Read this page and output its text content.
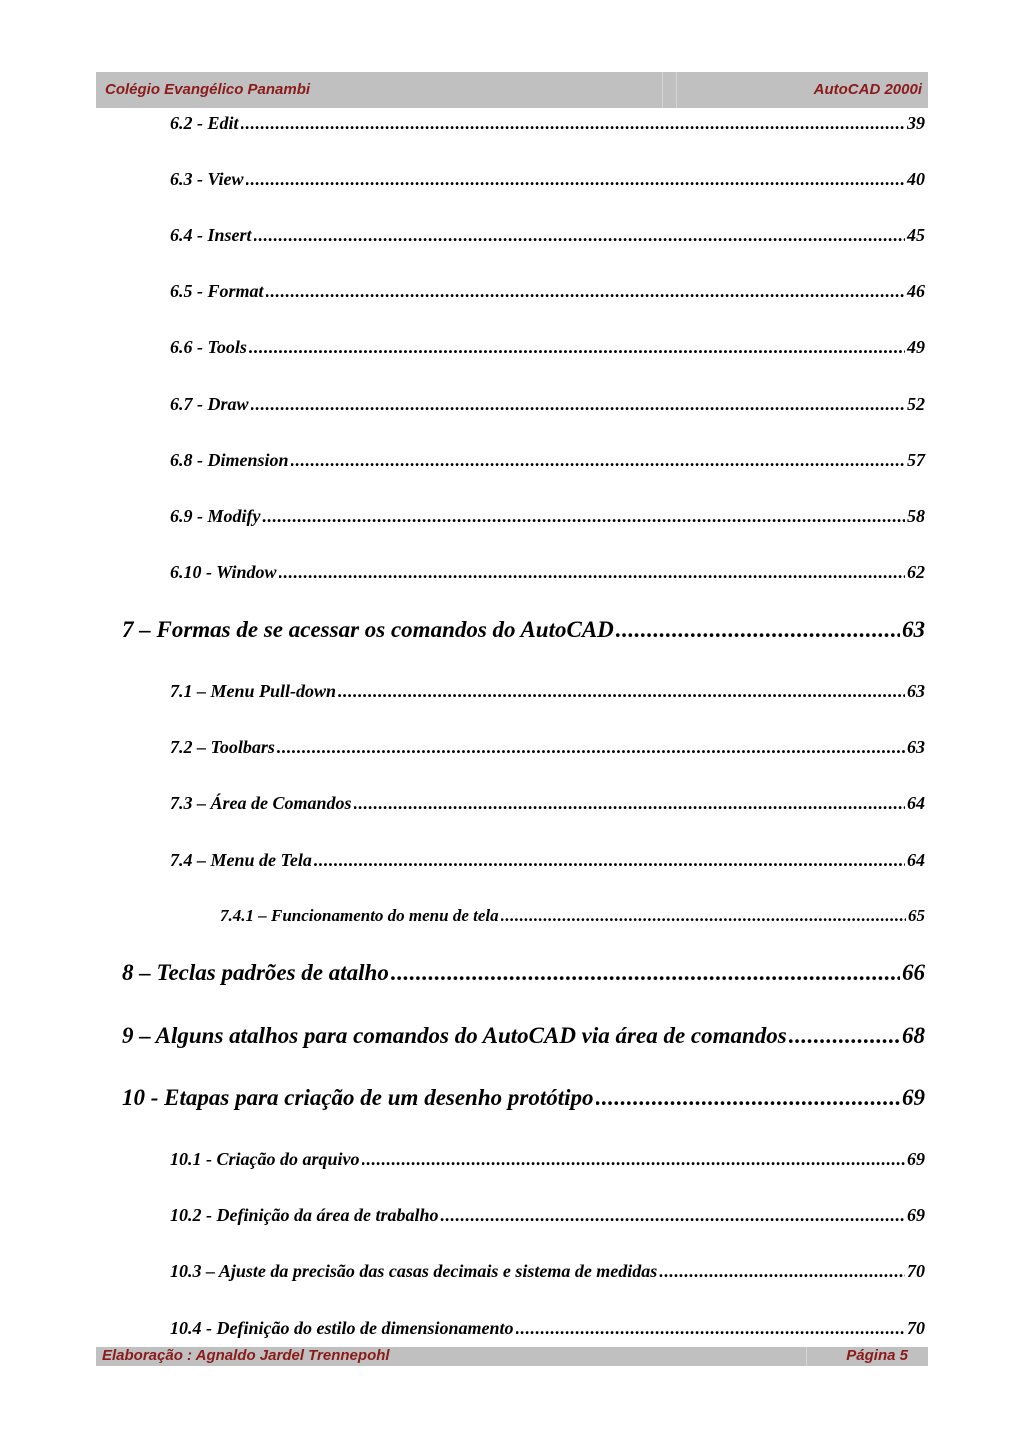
Colégio Evangélico Panambi	AutoCAD 2000i
6.2 - Edit .....	39
6.3 - View .....	40
6.4 - Insert .....	45
6.5 - Format .....	46
6.6 - Tools .....	49
6.7 - Draw .....	52
6.8 - Dimension .....	57
6.9 - Modify .....	58
6.10 - Window .....	62
7 – Formas de se acessar os comandos do AutoCAD .....	63
7.1 – Menu Pull-down .....	63
7.2 – Toolbars .....	63
7.3 – Área de Comandos .....	64
7.4 – Menu de Tela .....	64
7.4.1 – Funcionamento do menu de tela .....	65
8 – Teclas padrões de atalho .....	66
9 – Alguns atalhos para comandos do AutoCAD via área de comandos .....	68
10 - Etapas para criação de um desenho protótipo .....	69
10.1 - Criação do arquivo .....	69
10.2 - Definição da área de trabalho .....	69
10.3 – Ajuste da precisão das casas decimais e sistema de medidas .....	70
10.4 - Definição do estilo de dimensionamento .....	70
Elaboração : Agnaldo Jardel Trennepohl	Página 5
